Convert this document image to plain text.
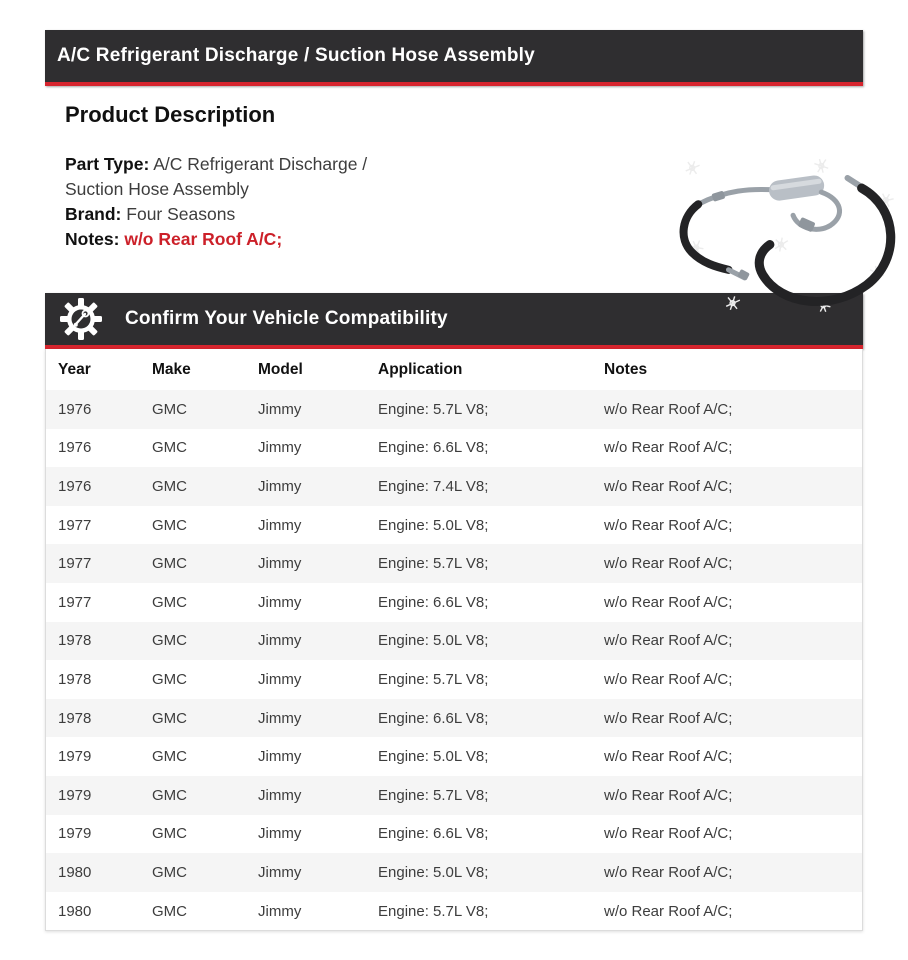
A/C Refrigerant Discharge / Suction Hose Assembly
Product Description
Part Type: A/C Refrigerant Discharge / Suction Hose Assembly
Brand: Four Seasons
Notes: w/o Rear Roof A/C;
Confirm Your Vehicle Compatibility
Year	Make	Model	Application	Notes
1976	GMC	Jimmy	Engine: 5.7L V8;	w/o Rear Roof A/C;
1976	GMC	Jimmy	Engine: 6.6L V8;	w/o Rear Roof A/C;
1976	GMC	Jimmy	Engine: 7.4L V8;	w/o Rear Roof A/C;
1977	GMC	Jimmy	Engine: 5.0L V8;	w/o Rear Roof A/C;
1977	GMC	Jimmy	Engine: 5.7L V8;	w/o Rear Roof A/C;
1977	GMC	Jimmy	Engine: 6.6L V8;	w/o Rear Roof A/C;
1978	GMC	Jimmy	Engine: 5.0L V8;	w/o Rear Roof A/C;
1978	GMC	Jimmy	Engine: 5.7L V8;	w/o Rear Roof A/C;
1978	GMC	Jimmy	Engine: 6.6L V8;	w/o Rear Roof A/C;
1979	GMC	Jimmy	Engine: 5.0L V8;	w/o Rear Roof A/C;
1979	GMC	Jimmy	Engine: 5.7L V8;	w/o Rear Roof A/C;
1979	GMC	Jimmy	Engine: 6.6L V8;	w/o Rear Roof A/C;
1980	GMC	Jimmy	Engine: 5.0L V8;	w/o Rear Roof A/C;
1980	GMC	Jimmy	Engine: 5.7L V8;	w/o Rear Roof A/C;
